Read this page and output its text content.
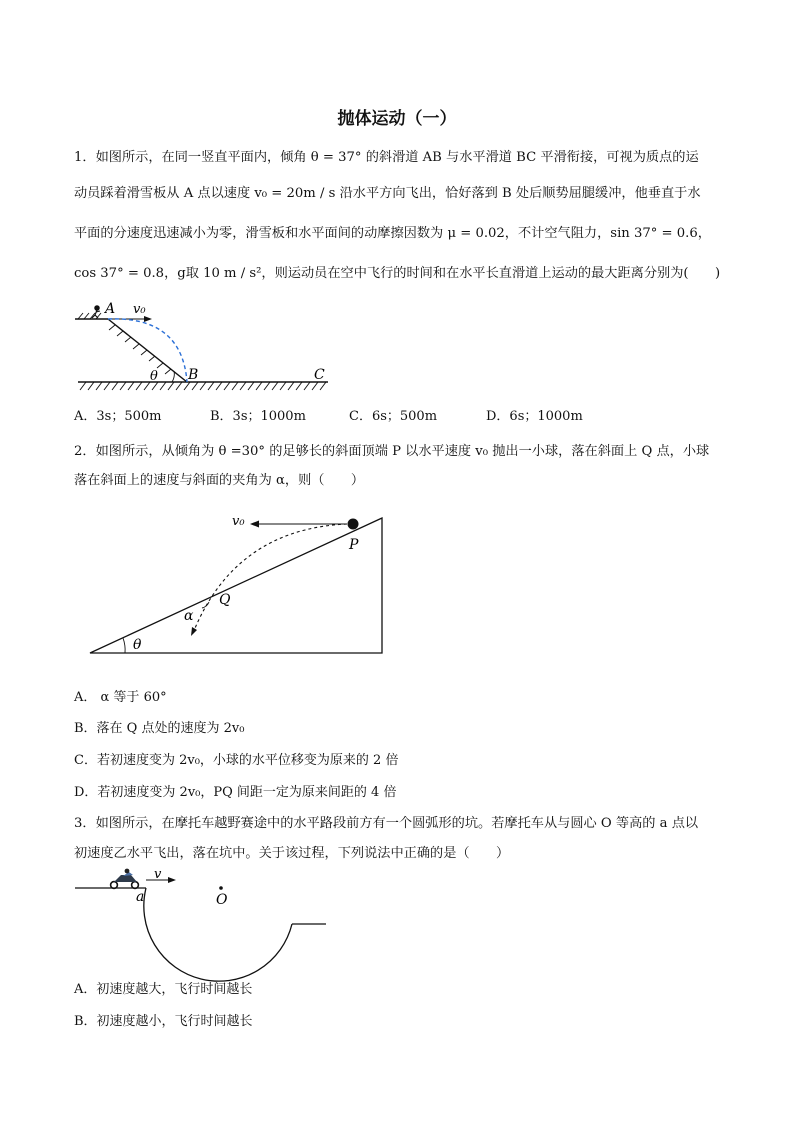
抛体运动（一）
1．如图所示，在同一竖直平面内，倾角 θ = 37° 的斜滑道 AB 与水平滑道 BC 平滑衔接，可视为质点的运
动员踩着滑雪板从 A 点以速度 v₀ = 20m / s 沿水平方向飞出，恰好落到 B 处后顺势屈腿缓冲，他垂直于水
平面的分速度迅速减小为零，滑雪板和水平面间的动摩擦因数为 μ = 0.02，不计空气阻力，sin 37° = 0.6，
cos 37° = 0.8，g取 10 m / s²，则运动员在空中飞行的时间和在水平长直滑道上运动的最大距离分别为(　　)
A v₀
θ B	C
A．3s；500m	B．3s；1000m	C．6s；500m	D．6s；1000m
2．如图所示，从倾角为 θ =30° 的足够长的斜面顶端 P 以水平速度 v₀ 抛出一小球，落在斜面上 Q 点，小球
落在斜面上的速度与斜面的夹角为 α，则（　　）
v₀
P
Q
α
θ
A． α 等于 60°
B．落在 Q 点处的速度为 2v₀
C．若初速度变为 2v₀，小球的水平位移变为原来的 2 倍
D．若初速度变为 2v₀，PQ 间距一定为原来间距的 4 倍
3．如图所示，在摩托车越野赛途中的水平路段前方有一个圆弧形的坑。若摩托车从与圆心 O 等高的 a 点以
初速度乙水平飞出，落在坑中。关于该过程，下列说法中正确的是（　　）
v
a	O
A．初速度越大，飞行时间越长
B．初速度越小，飞行时间越长
